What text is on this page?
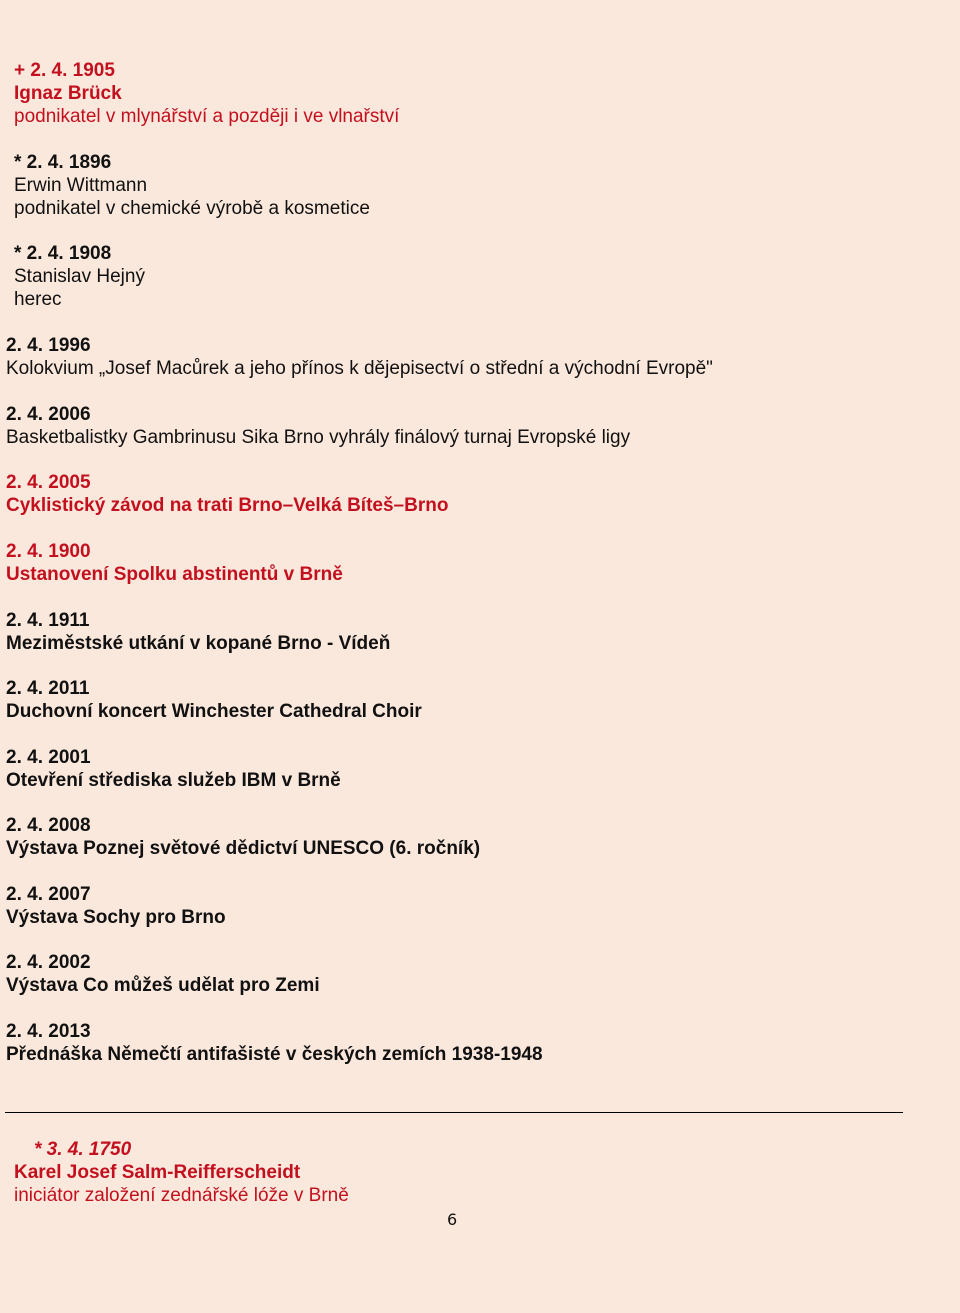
+ 2. 4. 1905
Ignaz Brück
podnikatel v mlynářství a později i ve vlnařství
* 2. 4. 1896
Erwin Wittmann
podnikatel v chemické výrobě a kosmetice
* 2. 4. 1908
Stanislav Hejný
herec
2. 4. 1996
Kolokvium „Josef Macůrek a jeho přínos k dějepisectví o střední a východní Evropě"
2. 4. 2006
Basketbalistky Gambrinusu Sika Brno vyhrály finálový turnaj Evropské ligy
2. 4. 2005
Cyklistický závod na trati Brno–Velká Bíteš–Brno
2. 4. 1900
Ustanovení Spolku abstinentů v Brně
2. 4. 1911
Meziměstské utkání v kopané Brno - Vídeň
2. 4. 2011
Duchovní koncert Winchester Cathedral Choir
2. 4. 2001
Otevření střediska služeb IBM v Brně
2. 4. 2008
Výstava Poznej světové dědictví UNESCO (6. ročník)
2. 4. 2007
Výstava Sochy pro Brno
2. 4. 2002
Výstava Co můžeš udělat pro Zemi
2. 4. 2013
Přednáška Němečtí antifašisté v českých zemích 1938-1948
* 3. 4. 1750
Karel Josef Salm-Reifferscheidt
iniciátor založení zednářské lóže v Brně
6
